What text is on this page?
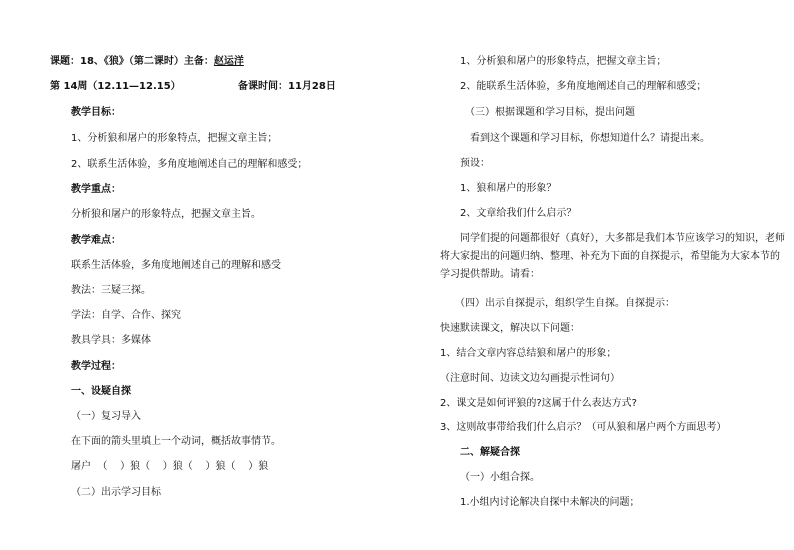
课题：18、《狼》（第二课时）主备：赵运洋
第 14周（12.11—12.15）	备课时间：11月28日
教学目标：
1、分析狼和屠户的形象特点，把握文章主旨；
2、联系生活体验，多角度地阐述自己的理解和感受；
教学重点：
分析狼和屠户的形象特点，把握文章主旨。
教学难点：
联系生活体验，多角度地阐述自己的理解和感受
教法：三疑三探。
学法：自学、合作、探究
教具学具：多媒体
教学过程：
一、设疑自探
（一）复习导入
在下面的箭头里填上一个动词，概括故事情节。
屠户  （    ）狼（    ）狼（    ）狼（    ）狼
（二）出示学习目标
1、分析狼和屠户的形象特点，把握文章主旨；
2、能联系生活体验，多角度地阐述自己的理解和感受；
（三）根据课题和学习目标，提出问题
看到这个课题和学习目标，你想知道什么？请提出来。
预设：
1、狼和屠户的形象？
2、文章给我们什么启示？
同学们提的问题都很好（真好），大多都是我们本节应该学习的知识，老师将大家提出的问题归纳、整理、补充为下面的自探提示，希望能为大家本节的学习提供帮助。请看：
（四）出示自探提示，组织学生自探。自探提示：
快速默读课文，解决以下问题：
1、结合文章内容总结狼和屠户的形象；
（注意时间、边读文边勾画提示性词句）
2、课文是如何评狼的?这属于什么表达方式?
3、这则故事带给我们什么启示？（可从狼和屠户两个方面思考）
二、解疑合探
（一）小组合探。
1.小组内讨论解决自探中未解决的问题；
